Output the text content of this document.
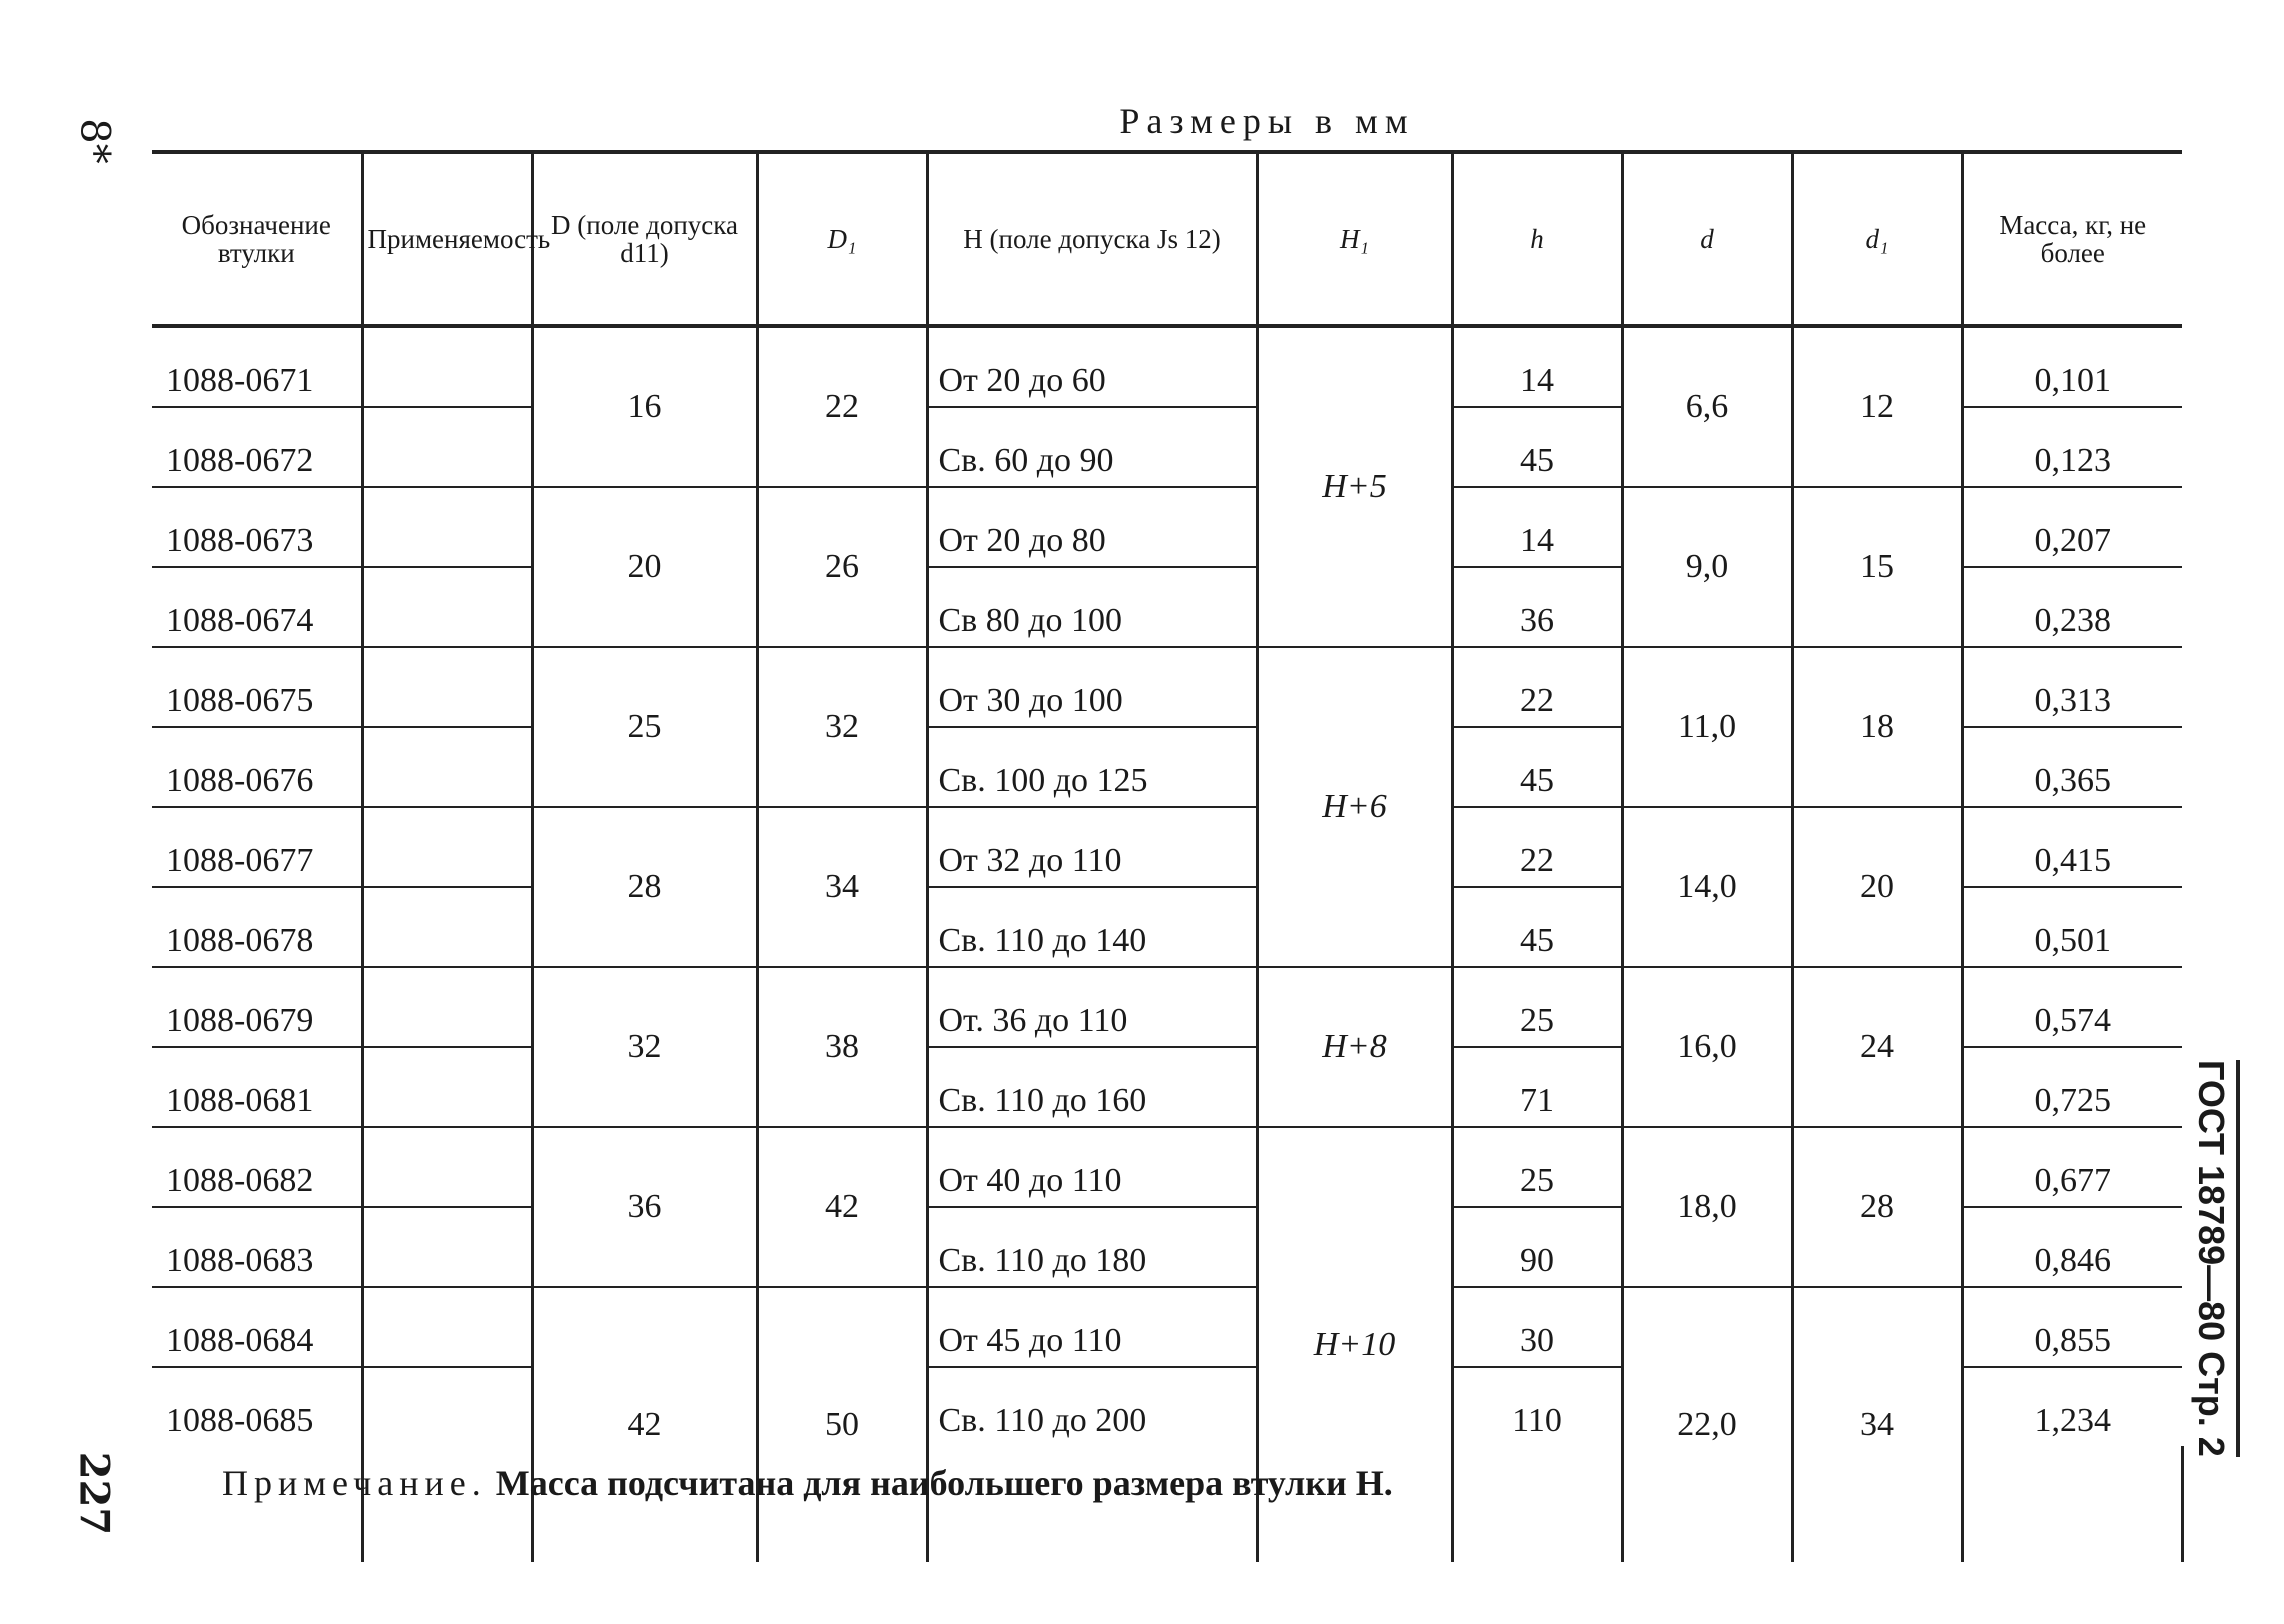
8*
227
Размеры в мм
Обозначение втулки	Применяемость	D (поле допуска d11)	D₁	H (поле допуска Js 12)	H₁	h	d	d₁	Масса, кг, не более	
1088-0671		16	22	От 20 до 60	H+5	14	6,6	12	0,101	
1088-0672				Св. 60 до 90		45			0,123	
1088-0673		20	26	От 20 до 80		14	9,0	15	0,207	
1088-0674				Св 80 до 100		36			0,238	
1088-0675		25	32	От 30 до 100	H+6	22	11,0	18	0,313	
1088-0676				Св. 100 до 125		45			0,365	
1088-0677		28	34	От 32 до 110		22	14,0	20	0,415	
1088-0678				Св. 110 до 140		45			0,501	
1088-0679		32	38	От. 36 до 110	H+8	25	16,0	24	0,574	
1088-0681				Св. 110 до 160		71			0,725	
1088-0682		36	42	От 40 до 110	H+10	25	18,0	28	0,677	
1088-0683				Св. 110 до 180		90			0,846	
1088-0684		42	50	От 45 до 110		30	22,0	34	0,855	
1088-0685				Св. 110 до 200		110			1,234	
								ГОСТ 18789—80 Стр. 2
Примечание. Масса подсчитана для наибольшего размера втулки H.
